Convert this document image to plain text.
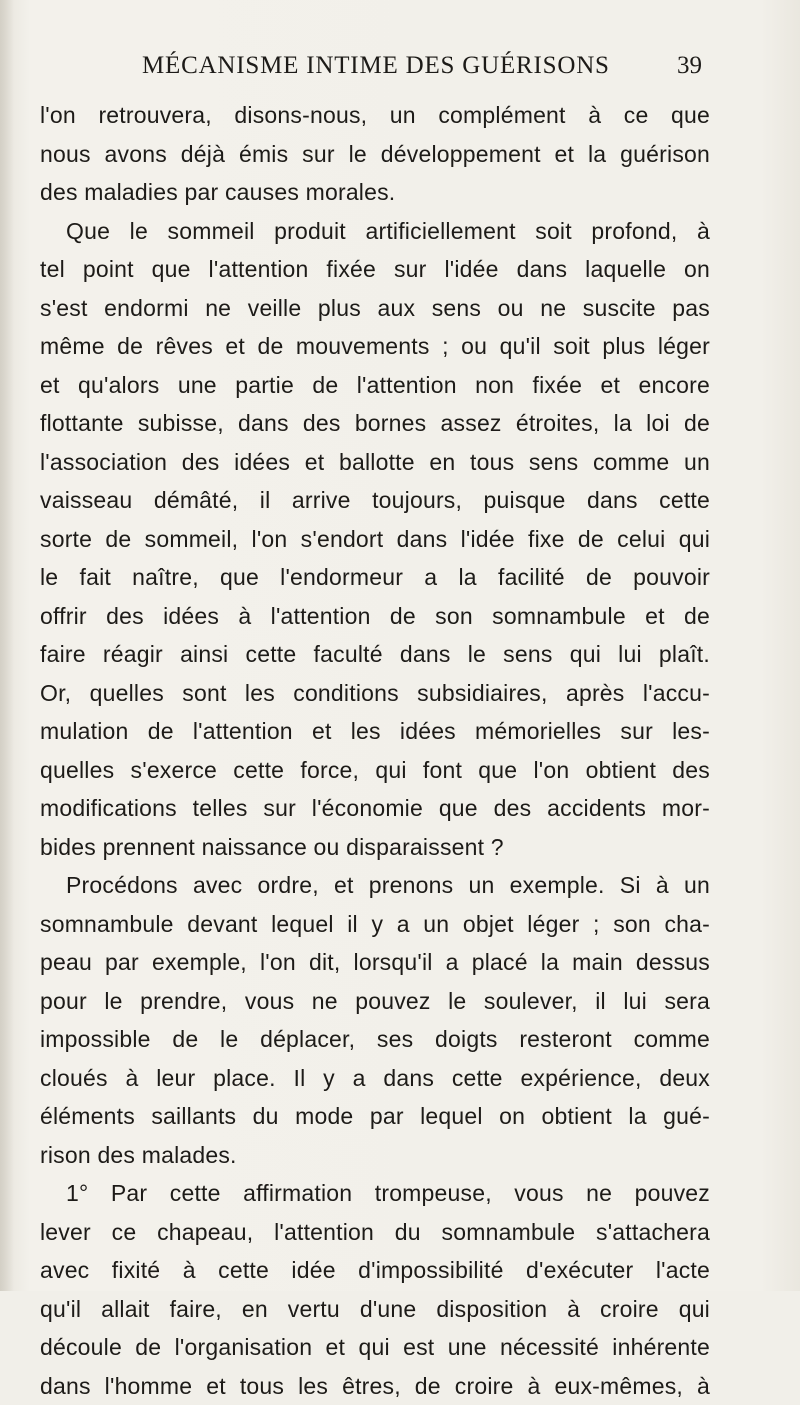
MÉCANISME INTIME DES GUÉRISONS	39
l'on retrouvera, disons-nous, un complément à ce que
nous avons déjà émis sur le développement et la guérison
des maladies par causes morales.
Que le sommeil produit artificiellement soit profond, à
tel point que l'attention fixée sur l'idée dans laquelle on
s'est endormi ne veille plus aux sens ou ne suscite pas
même de rêves et de mouvements ; ou qu'il soit plus léger
et qu'alors une partie de l'attention non fixée et encore
flottante subisse, dans des bornes assez étroites, la loi de
l'association des idées et ballotte en tous sens comme un
vaisseau démâté, il arrive toujours, puisque dans cette
sorte de sommeil, l'on s'endort dans l'idée fixe de celui qui
le fait naître, que l'endormeur a la facilité de pouvoir
offrir des idées à l'attention de son somnambule et de
faire réagir ainsi cette faculté dans le sens qui lui plaît.
Or, quelles sont les conditions subsidiaires, après l'accu-
mulation de l'attention et les idées mémorielles sur les-
quelles s'exerce cette force, qui font que l'on obtient des
modifications telles sur l'économie que des accidents mor-
bides prennent naissance ou disparaissent ?
Procédons avec ordre, et prenons un exemple. Si à un
somnambule devant lequel il y a un objet léger ; son cha-
peau par exemple, l'on dit, lorsqu'il a placé la main dessus
pour le prendre, vous ne pouvez le soulever, il lui sera
impossible de le déplacer, ses doigts resteront comme
cloués à leur place. Il y a dans cette expérience, deux
éléments saillants du mode par lequel on obtient la gué-
rison des malades.
1° Par cette affirmation trompeuse, vous ne pouvez
lever ce chapeau, l'attention du somnambule s'attachera
avec fixité à cette idée d'impossibilité d'exécuter l'acte
qu'il allait faire, en vertu d'une disposition à croire qui
découle de l'organisation et qui est une nécessité inhérente
dans l'homme et tous les êtres, de croire à eux-mêmes, à
